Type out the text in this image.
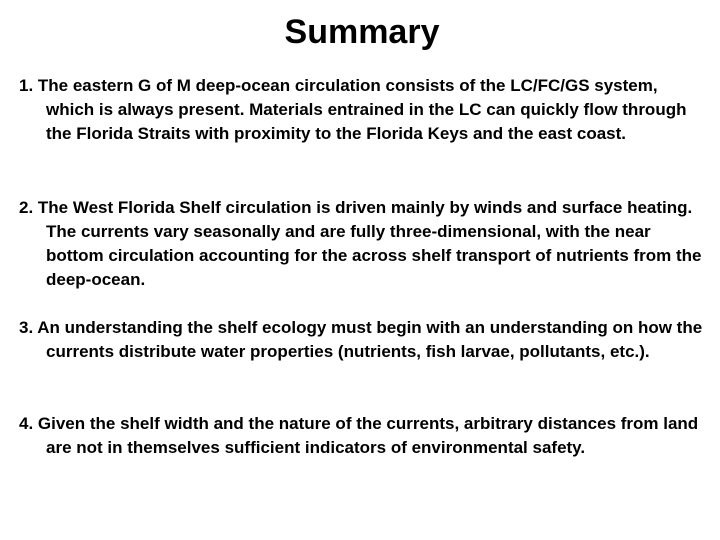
Summary
1. The eastern G of M deep-ocean circulation consists of the LC/FC/GS system, which is always present. Materials entrained in the LC can quickly flow through the Florida Straits with proximity to the Florida Keys and the east coast.
2. The West Florida Shelf circulation is driven mainly by winds and surface heating. The currents vary seasonally and are fully three-dimensional, with the near bottom circulation accounting for the across shelf transport of nutrients from the deep-ocean.
3. An understanding the shelf ecology must begin with an understanding on how the currents distribute water properties (nutrients, fish larvae, pollutants, etc.).
4. Given the shelf width and the nature of the currents, arbitrary distances from land are not in themselves sufficient indicators of environmental safety.
